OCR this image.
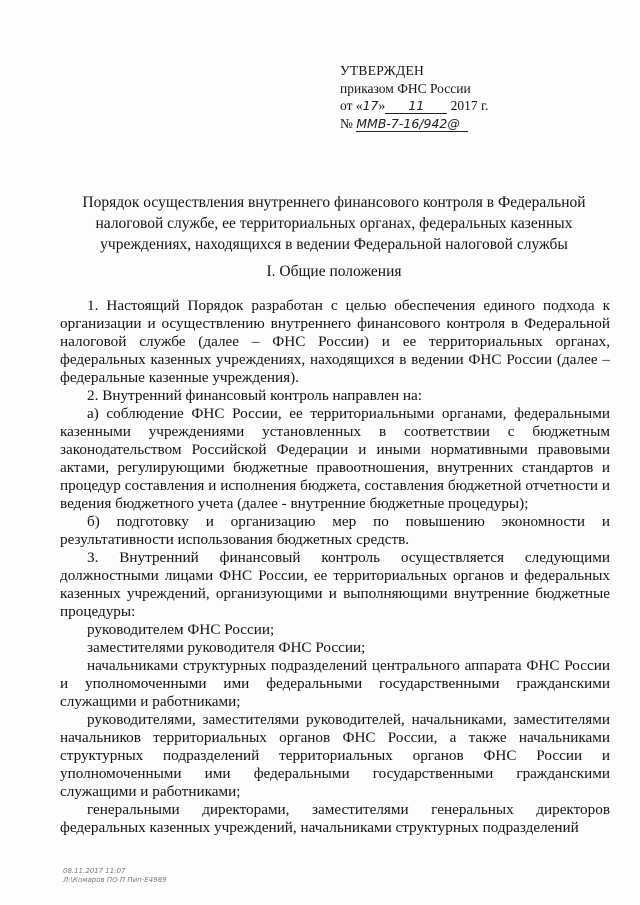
УТВЕРЖДЕН
приказом ФНС России
от «17» 11 2017 г.
№ ММВ-7-16/942@
Порядок осуществления внутреннего финансового контроля в Федеральной налоговой службе, ее территориальных органах, федеральных казенных учреждениях, находящихся в ведении Федеральной налоговой службы
I. Общие положения

1. Настоящий Порядок разработан с целью обеспечения единого подхода к организации и осуществлению внутреннего финансового контроля в Федеральной налоговой службе (далее – ФНС России) и ее территориальных органах, федеральных казенных учреждениях, находящихся в ведении ФНС России (далее – федеральные казенные учреждения).

2. Внутренний финансовый контроль направлен на:

а) соблюдение ФНС России, ее территориальными органами, федеральными казенными учреждениями установленных в соответствии с бюджетным законодательством Российской Федерации и иными нормативными правовыми актами, регулирующими бюджетные правоотношения, внутренних стандартов и процедур составления и исполнения бюджета, составления бюджетной отчетности и ведения бюджетного учета (далее - внутренние бюджетные процедуры);

б) подготовку и организацию мер по повышению экономности и результативности использования бюджетных средств.

3. Внутренний финансовый контроль осуществляется следующими должностными лицами ФНС России, ее территориальных органов и федеральных казенных учреждений, организующими и выполняющими внутренние бюджетные процедуры:

руководителем ФНС России;

заместителями руководителя ФНС России;

начальниками структурных подразделений центрального аппарата ФНС России и уполномоченными ими федеральными государственными гражданскими служащими и работниками;

руководителями, заместителями руководителей, начальниками, заместителями начальников территориальных органов ФНС России, а также начальниками структурных подразделений территориальных органов ФНС России и уполномоченными ими федеральными государственными гражданскими служащими и работниками;

генеральными директорами, заместителями генеральных директоров федеральных казенных учреждений, начальниками структурных подразделений

08.11.2017 11:07
Л:\Комаров ПО П Пип-Е4989
